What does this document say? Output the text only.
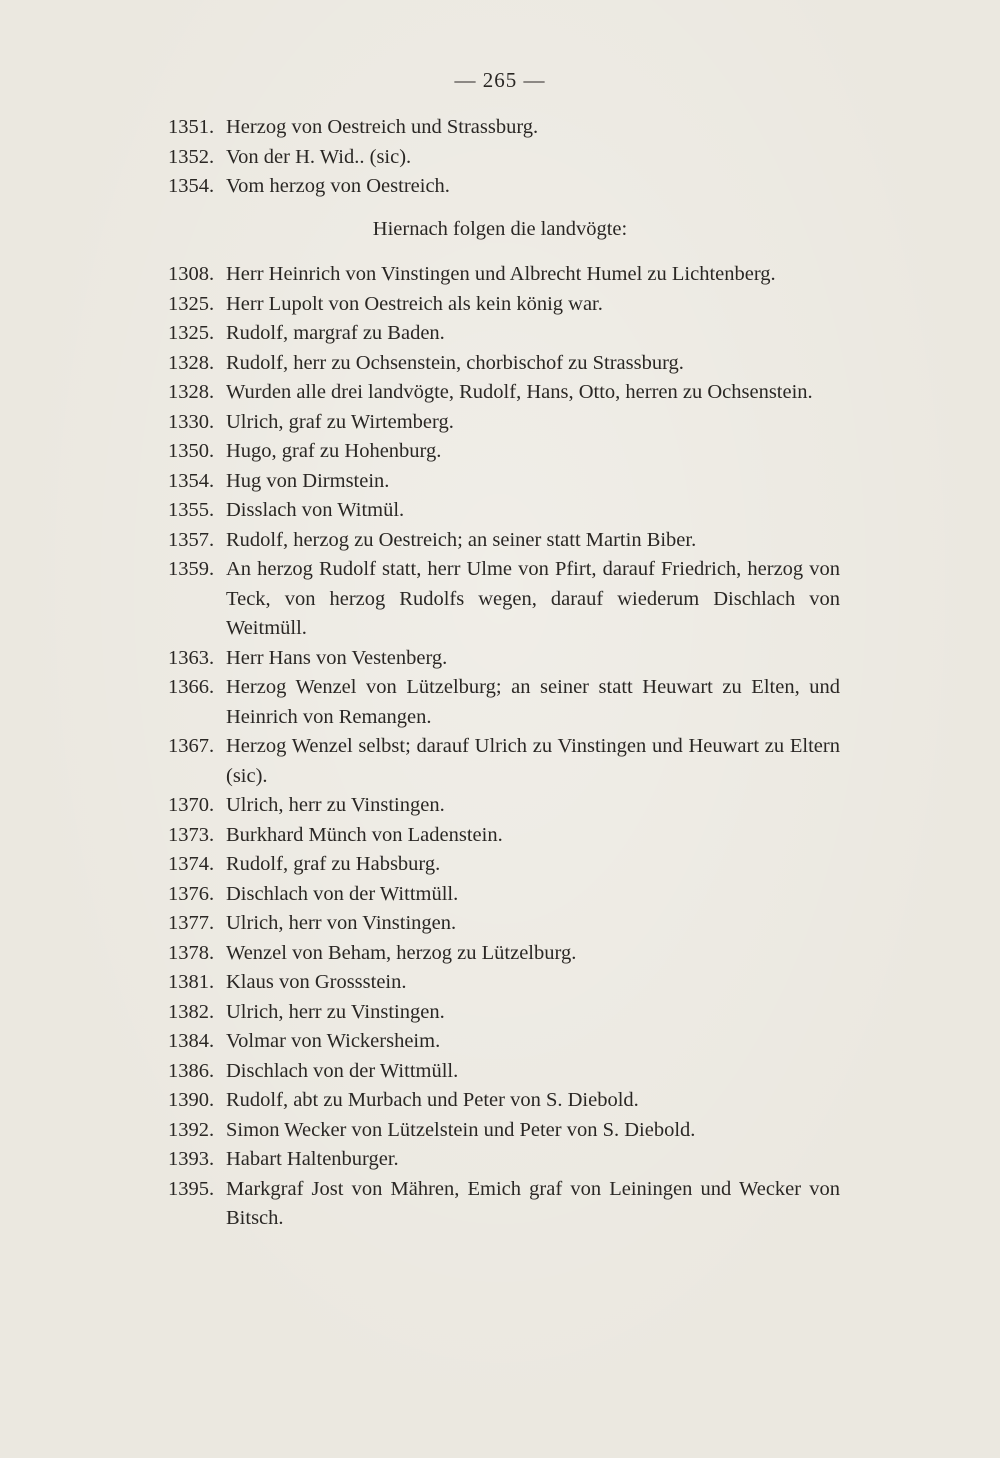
— 265 —
1351. Herzog von Oestreich und Strassburg.
1352. Von der H. Wid.. (sic).
1354. Vom herzog von Oestreich.
Hiernach folgen die landvögte:
1308. Herr Heinrich von Vinstingen und Albrecht Humel zu Lichtenberg.
1325. Herr Lupolt von Oestreich als kein könig war.
1325. Rudolf, margraf zu Baden.
1328. Rudolf, herr zu Ochsenstein, chorbischof zu Strassburg.
1328. Wurden alle drei landvögte, Rudolf, Hans, Otto, herren zu Ochsenstein.
1330. Ulrich, graf zu Wirtemberg.
1350. Hugo, graf zu Hohenburg.
1354. Hug von Dirmstein.
1355. Disslach von Witmül.
1357. Rudolf, herzog zu Oestreich; an seiner statt Martin Biber.
1359. An herzog Rudolf statt, herr Ulme von Pfirt, darauf Friedrich, herzog von Teck, von herzog Rudolfs wegen, darauf wiederum Dischlach von Weitmüll.
1363. Herr Hans von Vestenberg.
1366. Herzog Wenzel von Lützelburg; an seiner statt Heuwart zu Elten, und Heinrich von Remangen.
1367. Herzog Wenzel selbst; darauf Ulrich zu Vinstingen und Heuwart zu Eltern (sic).
1370. Ulrich, herr zu Vinstingen.
1373. Burkhard Münch von Ladenstein.
1374. Rudolf, graf zu Habsburg.
1376. Dischlach von der Wittmüll.
1377. Ulrich, herr von Vinstingen.
1378. Wenzel von Beham, herzog zu Lützelburg.
1381. Klaus von Grossstein.
1382. Ulrich, herr zu Vinstingen.
1384. Volmar von Wickersheim.
1386. Dischlach von der Wittmüll.
1390. Rudolf, abt zu Murbach und Peter von S. Diebold.
1392. Simon Wecker von Lützelstein und Peter von S. Diebold.
1393. Habart Haltenburger.
1395. Markgraf Jost von Mähren, Emich graf von Leiningen und Wecker von Bitsch.
